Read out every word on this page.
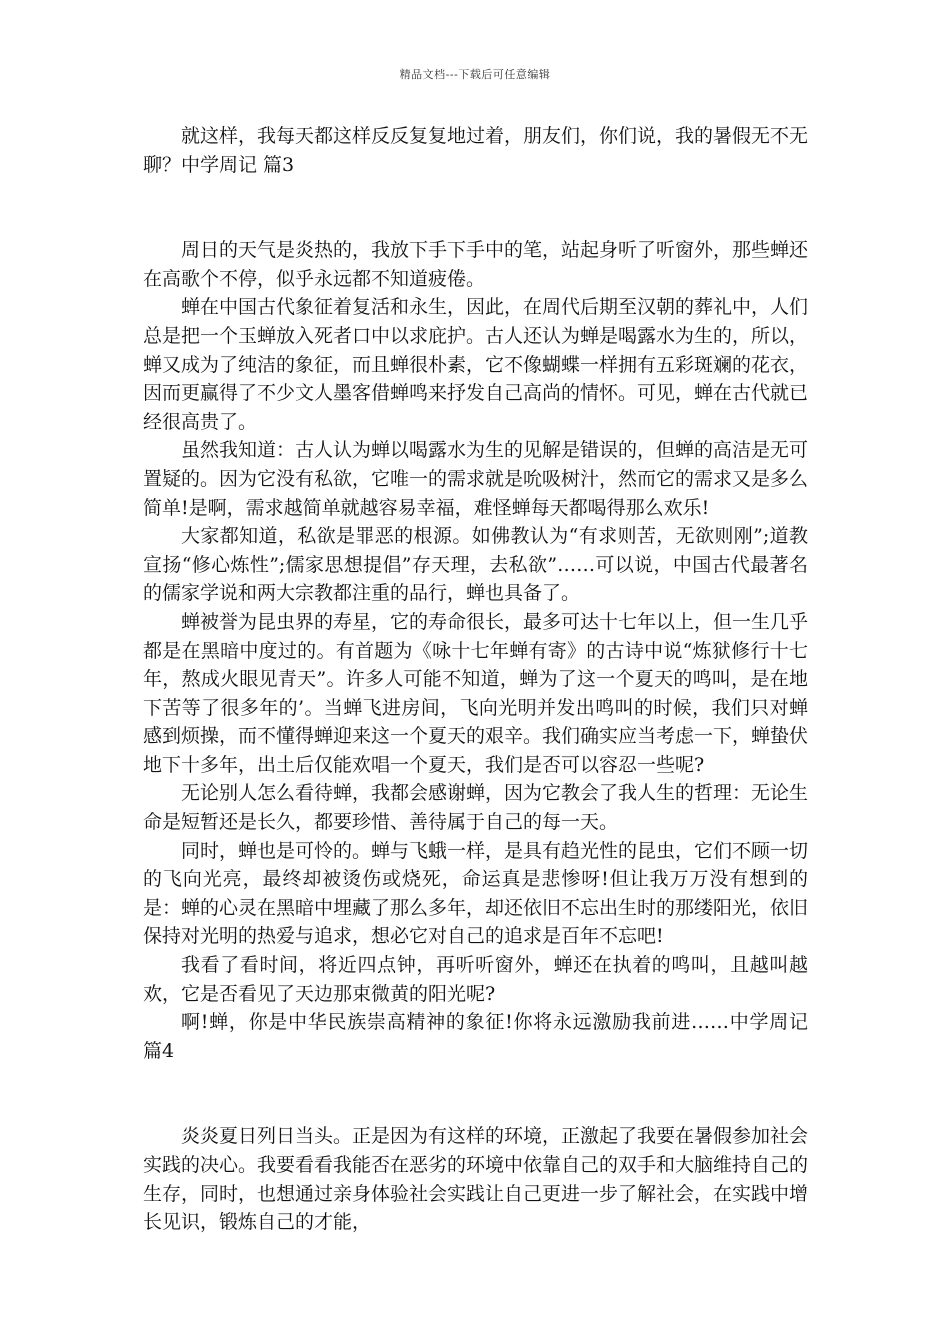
精品文档---下载后可任意编辑

就这样，我每天都这样反反复复地过着，朋友们，你们说，我的暑假无不无聊？中学周记 篇3

周日的天气是炎热的，我放下手下手中的笔，站起身听了听窗外，那些蝉还在高歌个不停，似乎永远都不知道疲倦。

蝉在中国古代象征着复活和永生，因此，在周代后期至汉朝的葬礼中，人们总是把一个玉蝉放入死者口中以求庇护。古人还认为蝉是喝露水为生的，所以，蝉又成为了纯洁的象征，而且蝉很朴素，它不像蝴蝶一样拥有五彩斑斓的花衣，因而更赢得了不少文人墨客借蝉鸣来抒发自己高尚的情怀。可见，蝉在古代就已经很高贵了。

虽然我知道：古人认为蝉以喝露水为生的见解是错误的，但蝉的高洁是无可置疑的。因为它没有私欲，它唯一的需求就是吮吸树汁，然而它的需求又是多么简单!是啊，需求越简单就越容易幸福，难怪蝉每天都喝得那么欢乐!

大家都知道，私欲是罪恶的根源。如佛教认为“有求则苦，无欲则刚”;道教宣扬“修心炼性”;儒家思想提倡”存天理，去私欲”……可以说，中国古代最著名的儒家学说和两大宗教都注重的品行，蝉也具备了。

蝉被誉为昆虫界的寿星，它的寿命很长，最多可达十七年以上，但一生几乎都是在黑暗中度过的。有首题为《咏十七年蝉有寄》的古诗中说“炼狱修行十七年，熬成火眼见青天”。许多人可能不知道，蝉为了这一个夏天的鸣叫，是在地下苦等了很多年的’。当蝉飞进房间，飞向光明并发出鸣叫的时候，我们只对蝉感到烦操，而不懂得蝉迎来这一个夏天的艰辛。我们确实应当考虑一下，蝉蛰伏地下十多年，出土后仅能欢唱一个夏天，我们是否可以容忍一些呢?

无论别人怎么看待蝉，我都会感谢蝉，因为它教会了我人生的哲理：无论生命是短暂还是长久，都要珍惜、善待属于自己的每一天。

同时，蝉也是可怜的。蝉与飞蛾一样，是具有趋光性的昆虫，它们不顾一切的飞向光亮，最终却被烫伤或烧死，命运真是悲惨呀!但让我万万没有想到的是：蝉的心灵在黑暗中埋藏了那么多年，却还依旧不忘出生时的那缕阳光，依旧保持对光明的热爱与追求，想必它对自己的追求是百年不忘吧!

我看了看时间，将近四点钟，再听听窗外，蝉还在执着的鸣叫，且越叫越欢，它是否看见了天边那束微黄的阳光呢?

啊!蝉，你是中华民族崇高精神的象征!你将永远激励我前进……中学周记 篇4

炎炎夏日列日当头。正是因为有这样的环境，正激起了我要在暑假参加社会实践的决心。我要看看我能否在恶劣的环境中依靠自己的双手和大脑维持自己的生存，同时，也想通过亲身体验社会实践让自己更进一步了解社会，在实践中增长见识，锻炼自己的才能，
